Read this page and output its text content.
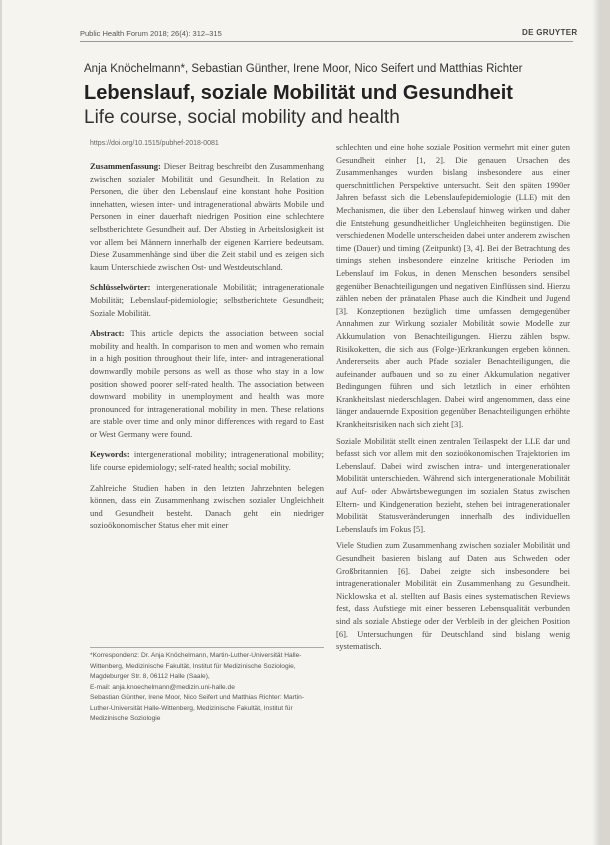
Public Health Forum 2018; 26(4): 312–315	DE GRUYTER
Anja Knöchelmann*, Sebastian Günther, Irene Moor, Nico Seifert und Matthias Richter
Lebenslauf, soziale Mobilität und Gesundheit
Life course, social mobility and health
https://doi.org/10.1515/pubhef-2018-0081

Zusammenfassung: Dieser Beitrag beschreibt den Zusammenhang zwischen sozialer Mobilität und Gesundheit. In Relation zu Personen, die über den Lebenslauf eine konstant hohe Position innehatten, wiesen inter- und intragenerational abwärts Mobile und Personen in einer dauerhaft niedrigen Position eine schlechtere selbstberichtete Gesundheit auf. Der Abstieg in Arbeitslosigkeit ist vor allem bei Männern innerhalb der eigenen Karriere bedeutsam. Diese Zusammenhänge sind über die Zeit stabil und es zeigen sich kaum Unterschiede zwischen Ost- und Westdeutschland.

Schlüsselwörter: intergenerationale Mobilität; intragenerationale Mobilität; Lebenslauf-pidemiologie; selbstberichtete Gesundheit; Soziale Mobilität.

Abstract: This article depicts the association between social mobility and health. In comparison to men and women who remain in a high position throughout their life, inter- and intragenerational downwardly mobile persons as well as those who stay in a low position showed poorer self-rated health. The association between downward mobility in unemployment and health was more pronounced for intragenerational mobility in men. These relations are stable over time and only minor differences with regard to East or West Germany were found.

Keywords: intergenerational mobility; intragenerational mobility; life course epidemiology; self-rated health; social mobility.

Zahlreiche Studien haben in den letzten Jahrzehnten belegen können, dass ein Zusammenhang zwischen sozialer Ungleichheit und Gesundheit besteht. Danach geht ein niedriger sozioökonomischer Status eher mit einer

*Korrespondenz: Dr. Anja Knöchelmann, Martin-Luther-Universität Halle-Wittenberg, Medizinische Fakultät, Institut für Medizinische Soziologie, Magdeburger Str. 8, 06112 Halle (Saale),

E-mail: anja.knoechelmann@medizin.uni-halle.de

Sebastian Günther, Irene Moor, Nico Seifert und Matthias Richter: Martin-Luther-Universität Halle-Wittenberg, Medizinische Fakultät, Institut für Medizinische Soziologie

schlechten und eine hohe soziale Position vermehrt mit einer guten Gesundheit einher [1, 2]. Die genauen Ursachen des Zusammenhanges wurden bislang insbesondere aus einer querschnittlichen Perspektive untersucht. Seit den späten 1990er Jahren befasst sich die Lebenslaufepidemiologie (LLE) mit den Mechanismen, die über den Lebenslauf hinweg wirken und daher die Entstehung gesundheitlicher Ungleichheiten begünstigen. Die verschiedenen Modelle unterscheiden dabei unter anderem zwischen time (Dauer) und timing (Zeitpunkt) [3, 4]. Bei der Betrachtung des timings stehen insbesondere einzelne kritische Perioden im Lebenslauf im Fokus, in denen Menschen besonders sensibel gegenüber Benachteiligungen und negativen Einflüssen sind. Hierzu zählen neben der pränatalen Phase auch die Kindheit und Jugend [3]. Konzeptionen bezüglich time umfassen demgegenüber Annahmen zur Wirkung sozialer Mobilität sowie Modelle zur Akkumulation von Benachteiligungen. Hierzu zählen bspw. Risikoketten, die sich aus (Folge-)Erkrankungen ergeben können. Andererseits aber auch Pfade sozialer Benachteiligungen, die aufeinander aufbauen und so zu einer Akkumulation negativer Bedingungen führen und sich letztlich in einer erhöhten Krankheitslast niederschlagen. Dabei wird angenommen, dass eine länger andauernde Exposition gegenüber Benachteiligungen erhöhte Krankheitsrisiken nach sich zieht [3].

Soziale Mobilität stellt einen zentralen Teilaspekt der LLE dar und befasst sich vor allem mit den sozioökonomischen Trajektorien im Lebenslauf. Dabei wird zwischen intra- und intergenerationaler Mobilität unterschieden. Während sich intergenerationale Mobilität auf Auf- oder Abwärtsbewegungen im sozialen Status zwischen Eltern- und Kindgeneration bezieht, stehen bei intragenerationaler Mobilität Statusveränderungen innerhalb des individuellen Lebenslaufs im Fokus [5].

Viele Studien zum Zusammenhang zwischen sozialer Mobilität und Gesundheit basieren bislang auf Daten aus Schweden oder Großbritannien [6]. Dabei zeigte sich insbesondere bei intragenerationaler Mobilität ein Zusammenhang zu Gesundheit. Nicklowska et al. stellten auf Basis eines systematischen Reviews fest, dass Aufstiege mit einer besseren Lebensqualität verbunden sind als soziale Abstiege oder der Verbleib in der gleichen Position [6]. Untersuchungen für Deutschland sind bislang wenig systematisch.
